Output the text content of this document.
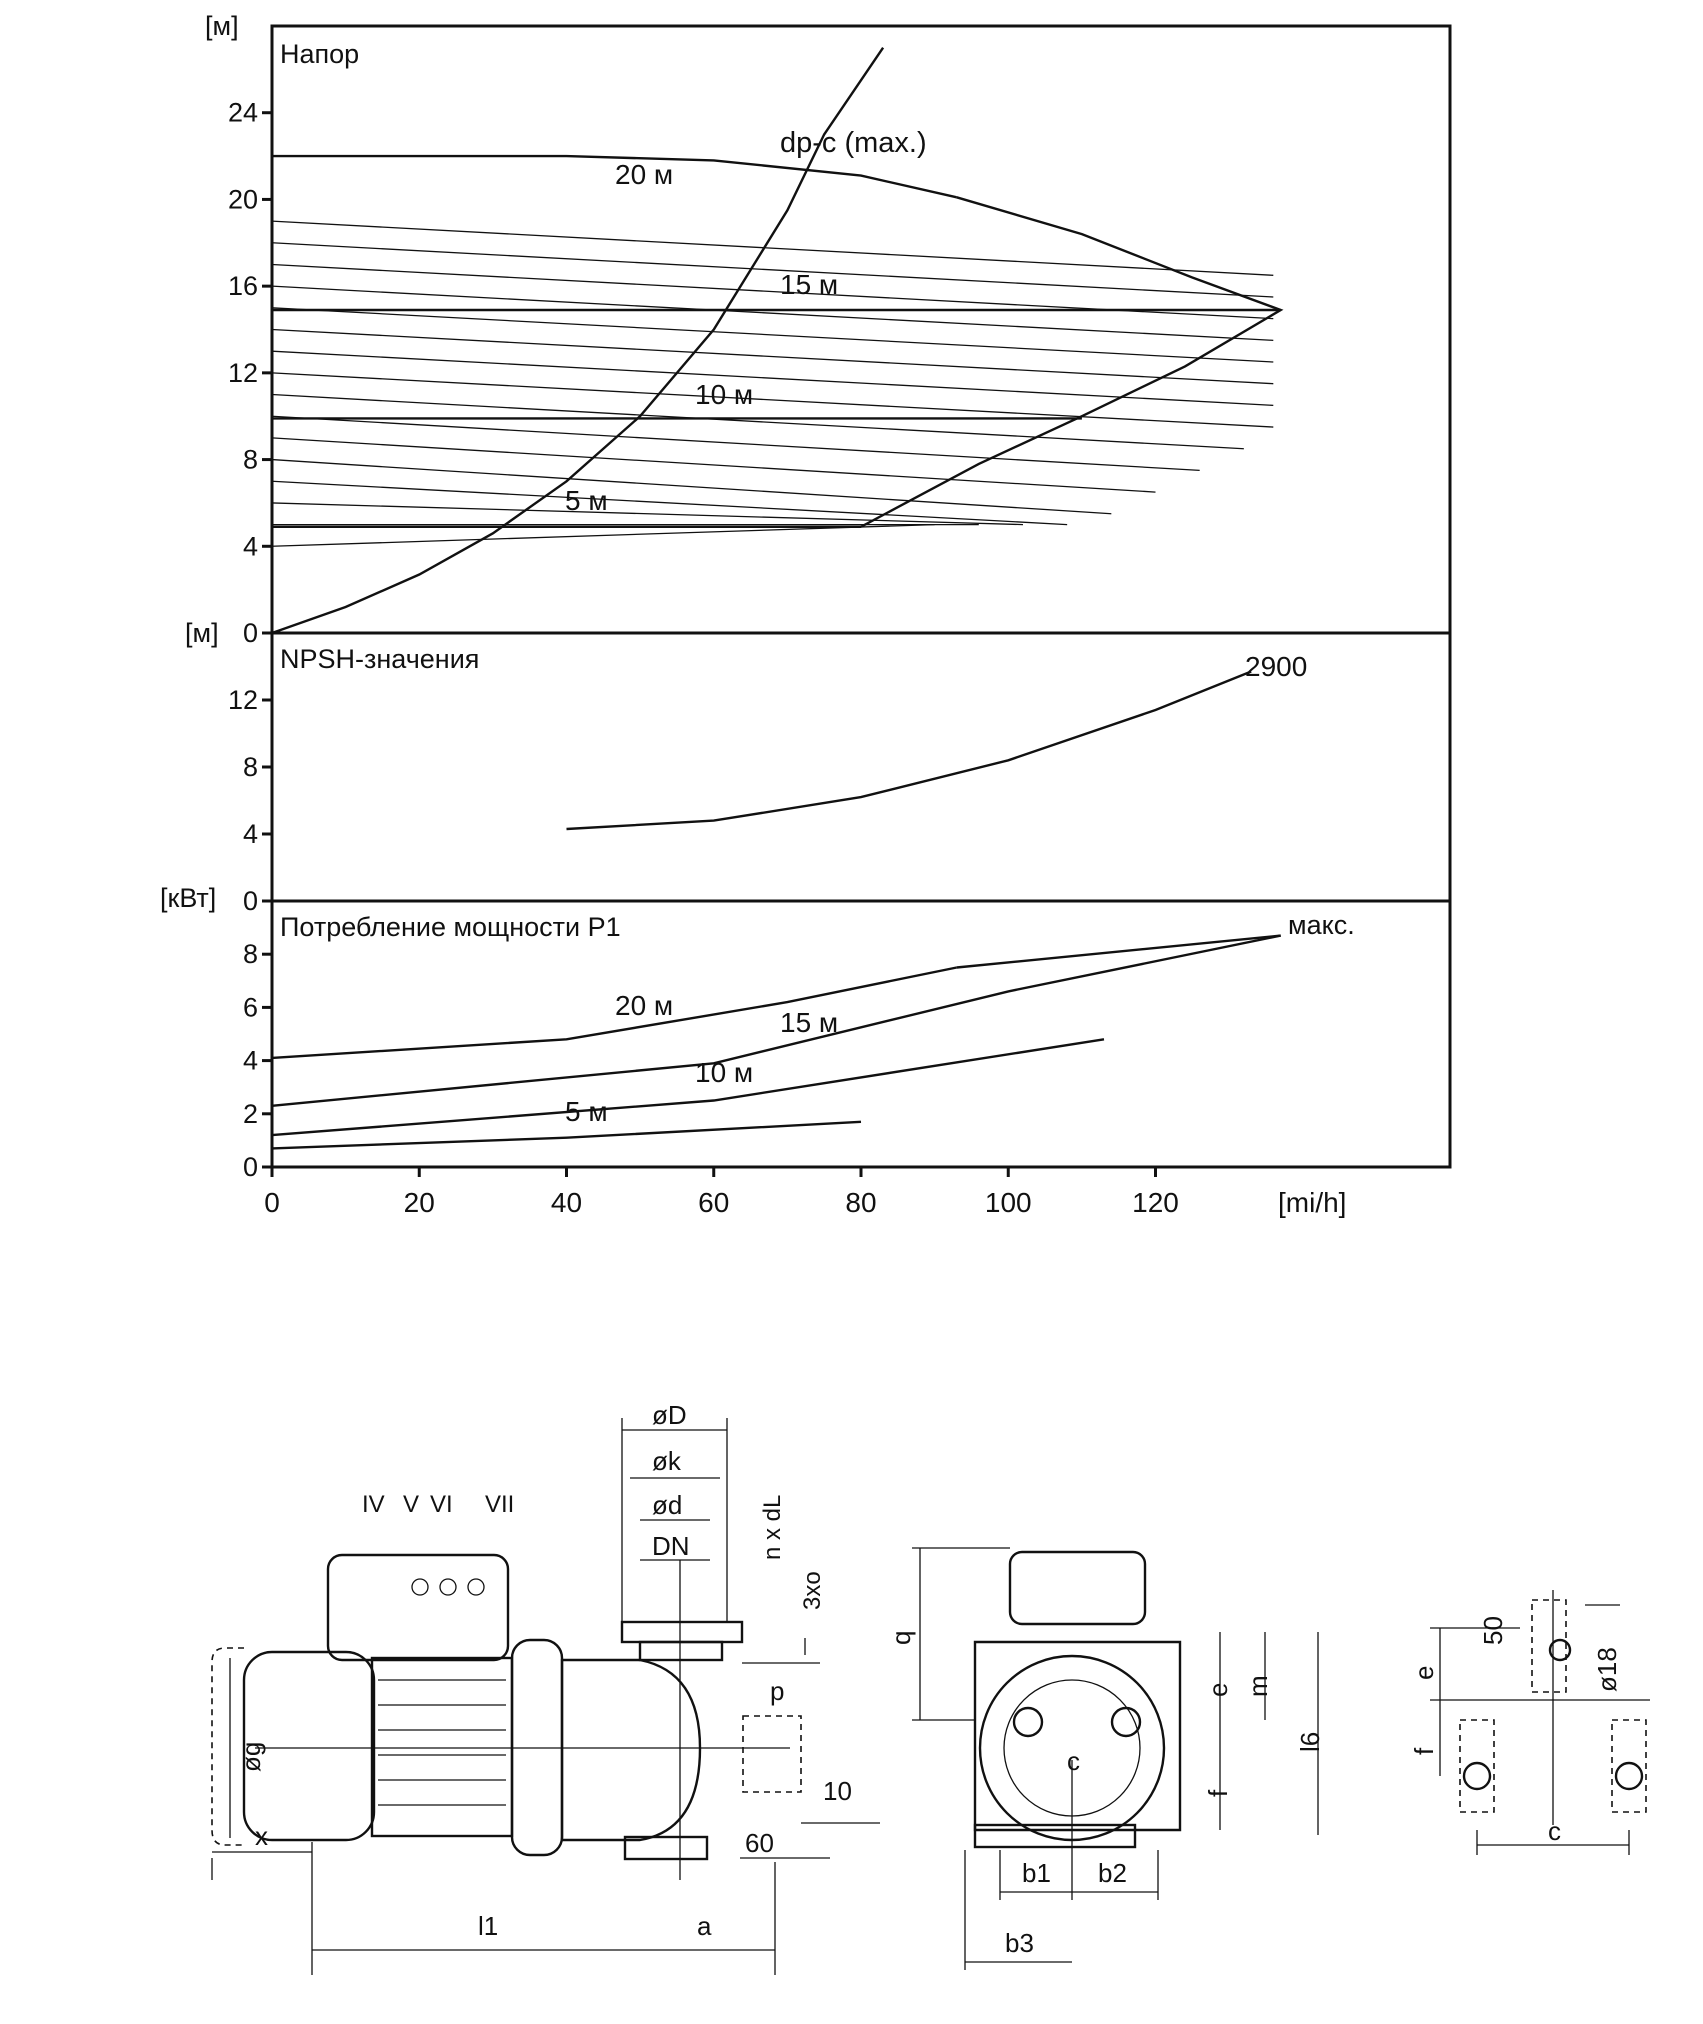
0
4
8
12
16
20
24
Напор
[м]
dp-c (max.)
20 м
15 м
10 м
5 м
0
4
8
12
NPSH-значения
[м]
2900
0
2
4
6
8
0	20	40	60	80	100	120
Потребление мощности P1
[кВт]
макс.
20 м
15 м
10 м
5 м
[mi/h]
øD
øk
ød
DN	n x dL
3xo
p
10
60
øg
x
l1	a
IV V VI VII
q
e m
f
c
l6
b1 b2
b3
50
ø18
e
f
c
